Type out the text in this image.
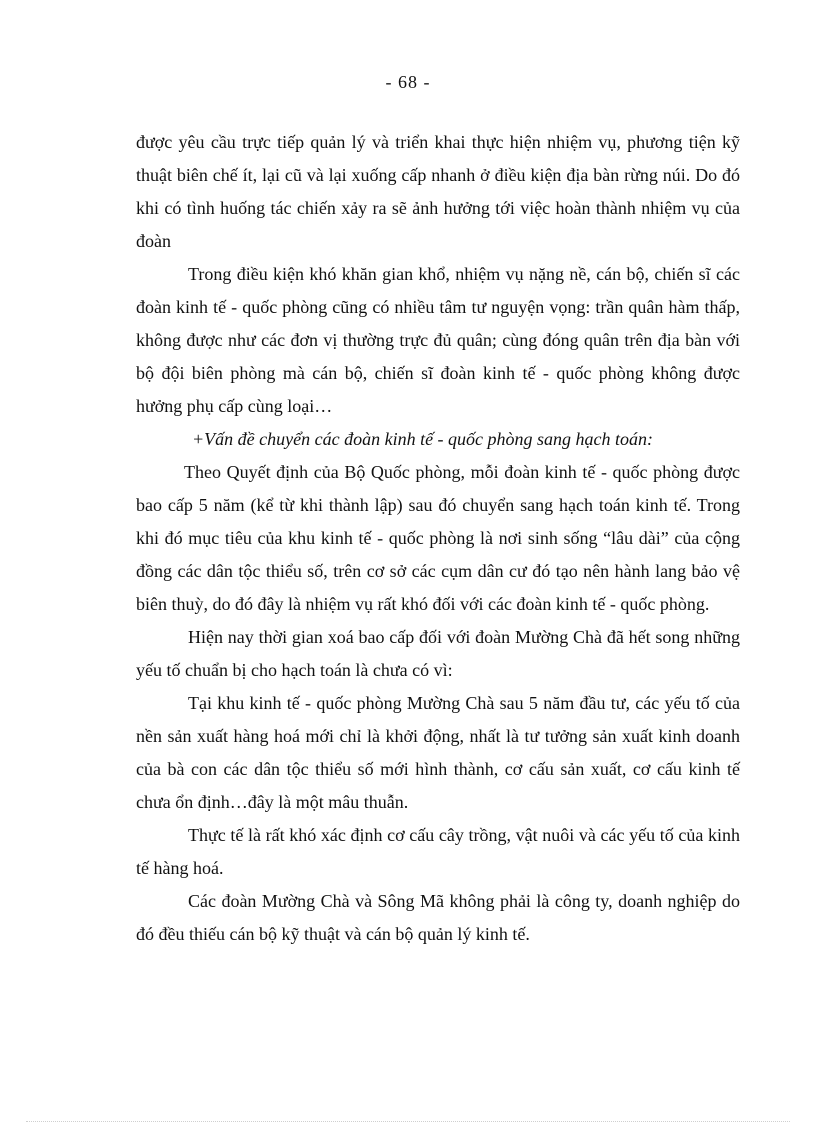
- 68 -

được yêu cầu trực tiếp quản lý và triển khai thực hiện nhiệm vụ, phương tiện kỹ thuật biên chế ít, lại cũ và lại xuống cấp nhanh ở điều kiện địa bàn rừng núi. Do đó khi có tình huống tác chiến xảy ra sẽ ảnh hưởng tới việc hoàn thành nhiệm vụ của đoàn

Trong điều kiện khó khăn gian khổ, nhiệm vụ nặng nề, cán bộ, chiến sĩ các đoàn kinh tế - quốc phòng cũng có nhiều tâm tư nguyện vọng: trần quân hàm thấp, không được như các đơn vị thường trực đủ quân; cùng đóng quân trên địa bàn với bộ đội biên phòng mà cán bộ, chiến sĩ đoàn kinh tế - quốc phòng không được hưởng phụ cấp cùng loại…

+Vấn đề chuyển các đoàn kinh tế - quốc phòng sang hạch toán:

Theo Quyết định của Bộ Quốc phòng, mỗi đoàn kinh tế - quốc phòng được bao cấp 5 năm (kể từ khi thành lập) sau đó chuyển sang hạch toán kinh tế. Trong khi đó mục tiêu của khu kinh tế - quốc phòng là nơi sinh sống “lâu dài” của cộng đồng các dân tộc thiểu số, trên cơ sở các cụm dân cư đó tạo nên hành lang bảo vệ biên thuỳ, do đó đây là nhiệm vụ rất khó đối với các đoàn kinh tế - quốc phòng.

Hiện nay thời gian xoá bao cấp đối với đoàn Mường Chà đã hết song những yếu tố chuẩn bị cho hạch toán là chưa có vì:

Tại khu kinh tế - quốc phòng Mường Chà sau 5 năm đầu tư, các yếu tố của nền sản xuất hàng hoá mới chỉ là khởi động, nhất là tư tưởng sản xuất kinh doanh của bà con các dân tộc thiểu số mới hình thành, cơ cấu sản xuất, cơ cấu kinh tế chưa ổn định…đây là một mâu thuẫn.

Thực tế là rất khó xác định cơ cấu cây trồng, vật nuôi và các yếu tố của kinh tế hàng hoá.

Các đoàn Mường Chà và Sông Mã không phải là công ty, doanh nghiệp do đó đều thiếu cán bộ kỹ thuật và cán bộ quản lý kinh tế.
